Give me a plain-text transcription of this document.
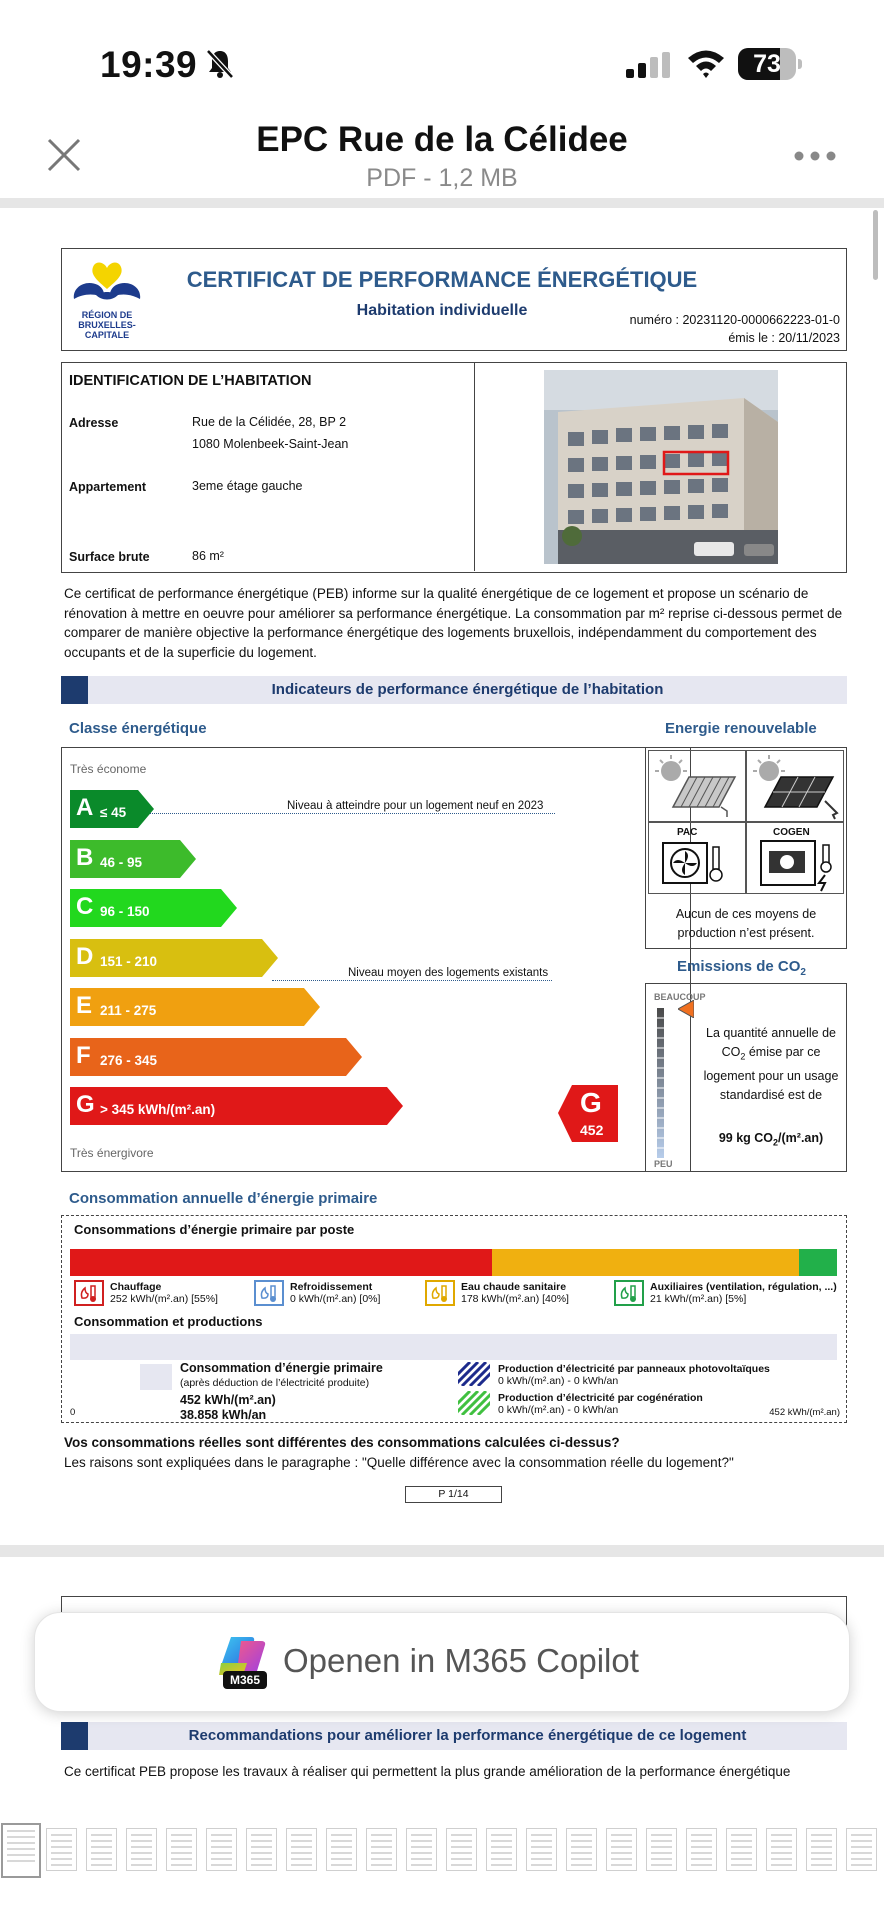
19:39	73
EPC Rue de la Célidee
PDF - 1,2 MB
RÉGION DE BRUXELLES-CAPITALE
CERTIFICAT DE PERFORMANCE ÉNERGÉTIQUE
Habitation individuelle
numéro : 20231120-0000662223-01-0
émis le : 20/11/2023
IDENTIFICATION DE L’HABITATION
Adresse	Rue de la Célidée, 28, BP 2
1080 Molenbeek-Saint-Jean
Appartement	3eme étage gauche
Surface brute	86 m²
Ce certificat de performance énergétique (PEB) informe sur la qualité énergétique de ce logement et propose un scénario de rénovation à mettre en oeuvre pour améliorer sa performance énergétique. La consommation par m² reprise ci-dessous permet de comparer de manière objective la performance énergétique des logements bruxellois, indépendamment du comportement des occupants et de la superficie du logement.
Indicateurs de performance énergétique de l’habitation
Classe énergétique	Energie renouvelable
Très économe
A ≤ 45
B 46 - 95
C 96 - 150
D 151 - 210
E 211 - 275
F 276 - 345
G > 345 kWh/(m².an)
Niveau à atteindre pour un logement neuf en 2023
Niveau moyen des logements existants
G
452
Très énergivore
PAC	COGEN
Aucun de ces moyens de production n’est présent.
Emissions de $CO_2$
BEAUCOUP
PEU
La quantité annuelle de $CO_2$ émise par ce logement pour un usage standardisé est de
99 kg $CO_2/(m^2.an)$
Consommation annuelle d’énergie primaire
Consommations d’énergie primaire par poste
Chauffage
252 kWh/(m².an) [55%]
Refroidissement
0 kWh/(m².an) [0%]
Eau chaude sanitaire
178 kWh/(m².an) [40%]
Auxiliaires (ventilation, régulation, ...)
21 kWh/(m².an) [5%]
Consommation et productions
Consommation d’énergie primaire
(après déduction de l’électricité produite)
452 kWh/(m².an)
38.858 kWh/an
Production d’électricité par panneaux photovoltaïques
0 kWh/(m².an) - 0 kWh/an
Production d’électricité par cogénération
0 kWh/(m².an) - 0 kWh/an
0	452 kWh/(m².an)
Vos consommations réelles sont différentes des consommations calculées ci-dessus?
Les raisons sont expliquées dans le paragraphe : "Quelle différence avec la consommation réelle du logement?"
P 1/14
Recommandations pour améliorer la performance énergétique de ce logement
Ce certificat PEB propose les travaux à réaliser qui permettent la plus grande amélioration de la performance énergétique
M365
Openen in M365 Copilot
